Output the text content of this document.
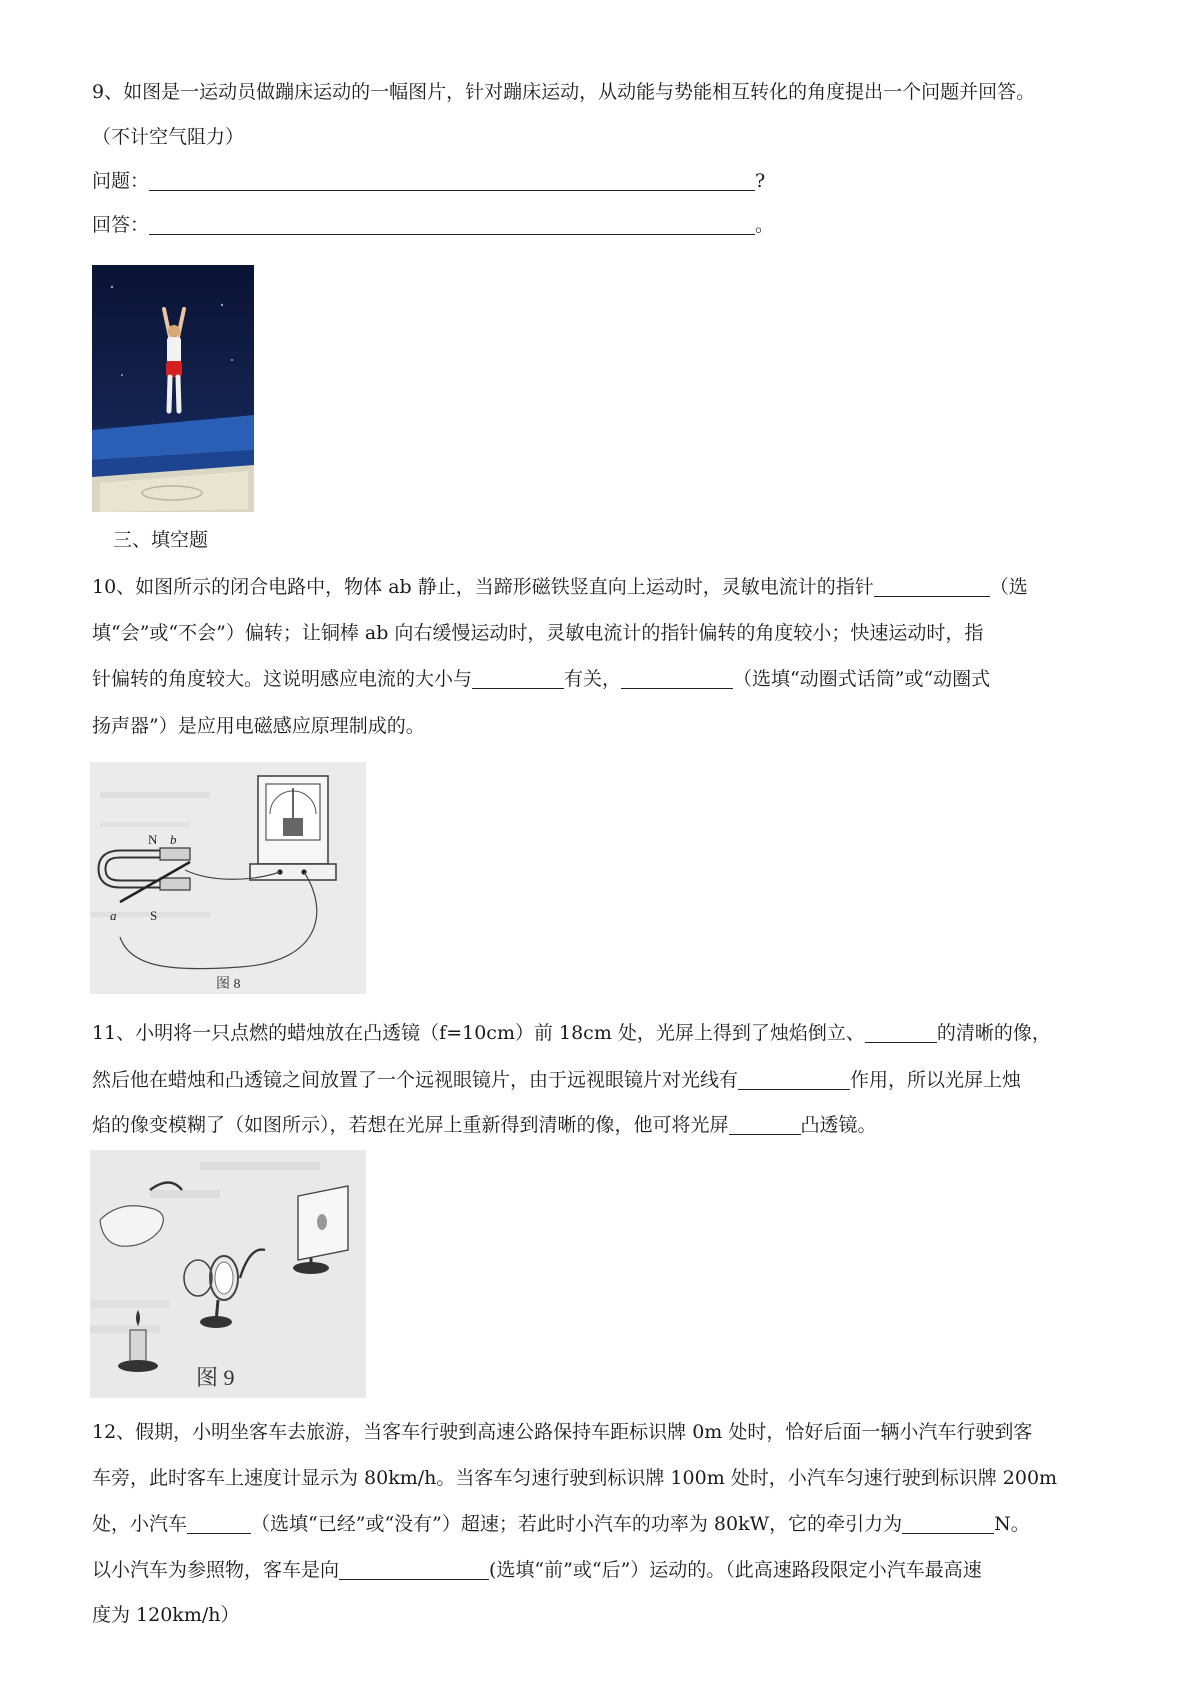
9、如图是一运动员做蹦床运动的一幅图片，针对蹦床运动，从动能与势能相互转化的角度提出一个问题并回答。
（不计空气阻力）
问题：	?
回答：	。
三、填空题
10、如图所示的闭合电路中，物体 ab 静止，当蹄形磁铁竖直向上运动时，灵敏电流计的指针	（选
填“会”或“不会”）偏转；让铜棒 ab 向右缓慢运动时，灵敏电流计的指针偏转的角度较小；快速运动时，指
针偏转的角度较大。这说明感应电流的大小与	有关，	（选填“动圈式话筒”或“动圈式
扬声器”）是应用电磁感应原理制成的。
N b
a	S
图 8
11、小明将一只点燃的蜡烛放在凸透镜（f=10cm）前 18cm 处，光屏上得到了烛焰倒立、	的清晰的像，
然后他在蜡烛和凸透镜之间放置了一个远视眼镜片，由于远视眼镜片对光线有	作用，所以光屏上烛
焰的像变模糊了（如图所示），若想在光屏上重新得到清晰的像，他可将光屏	凸透镜。
图 9
12、假期，小明坐客车去旅游，当客车行驶到高速公路保持车距标识牌 0m 处时，恰好后面一辆小汽车行驶到客
车旁，此时客车上速度计显示为 80km/h。当客车匀速行驶到标识牌 100m 处时，小汽车匀速行驶到标识牌 200m
处，小汽车	（选填“已经”或“没有”）超速；若此时小汽车的功率为 80kW，它的牵引力为	N。
以小汽车为参照物，客车是向	(选填“前”或“后”）运动的。（此高速路段限定小汽车最高速
度为 120km/h）
